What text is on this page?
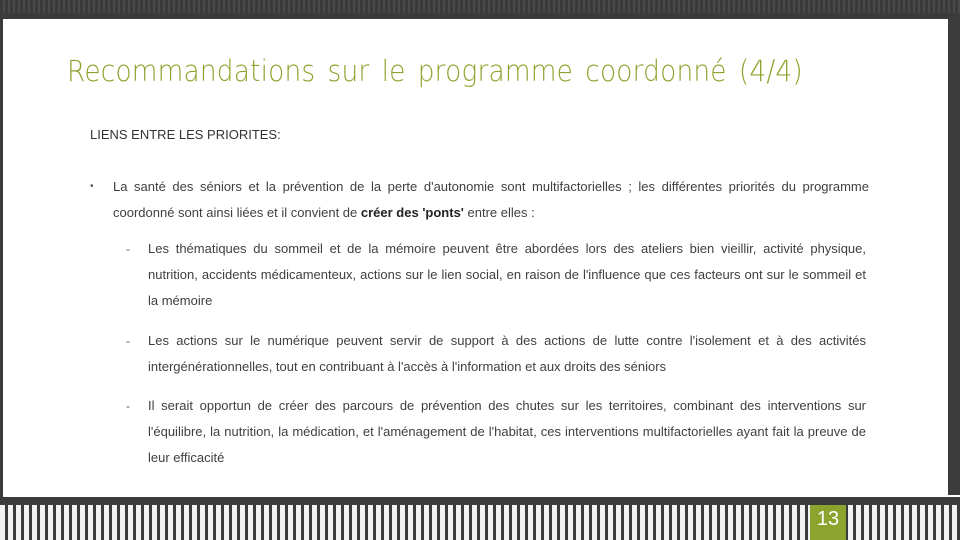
Recommandations sur le programme coordonné (4/4)
LIENS ENTRE LES PRIORITES:
• La santé des séniors et la prévention de la perte d'autonomie sont multifactorielles ; les différentes priorités du programme coordonné sont ainsi liées et il convient de créer des 'ponts' entre elles :
- Les thématiques du sommeil et de la mémoire peuvent être abordées lors des ateliers bien vieillir, activité physique, nutrition, accidents médicamenteux, actions sur le lien social, en raison de l'influence que ces facteurs ont sur le sommeil et la mémoire
- Les actions sur le numérique peuvent servir de support à des actions de lutte contre l'isolement et à des activités intergénérationnelles, tout en contribuant à l'accès à l'information et aux droits des séniors
- Il serait opportun de créer des parcours de prévention des chutes sur les territoires, combinant des interventions sur l'équilibre, la nutrition, la médication, et l'aménagement de l'habitat, ces interventions multifactorielles ayant fait la preuve de leur efficacité
13
